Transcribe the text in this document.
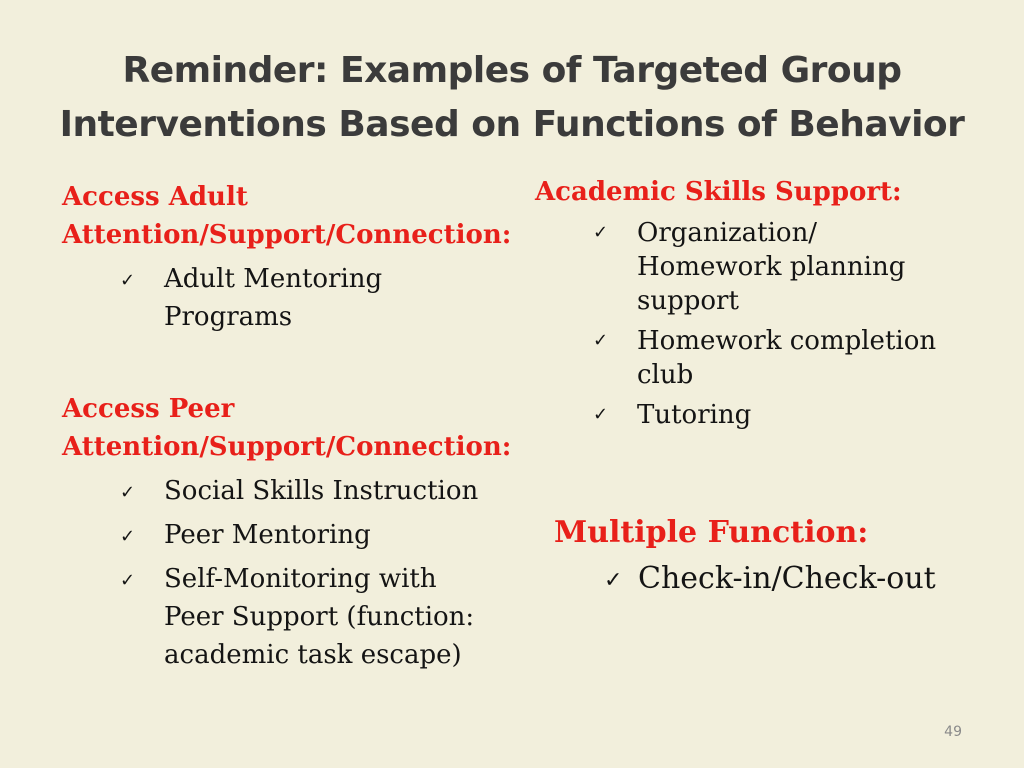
Reminder: Examples of Targeted Group
Interventions Based on Functions of Behavior
Access Adult
Attention/Support/Connection:
✓ Adult Mentoring
Programs
Access Peer
Attention/Support/Connection:
✓ Social Skills Instruction
✓ Peer Mentoring
✓ Self-Monitoring with
Peer Support (function:
academic task escape)
Academic Skills Support:
✓ Organization/
Homework planning
support
✓ Homework completion
club
✓ Tutoring
Multiple Function:
✓ Check-in/Check-out
49
